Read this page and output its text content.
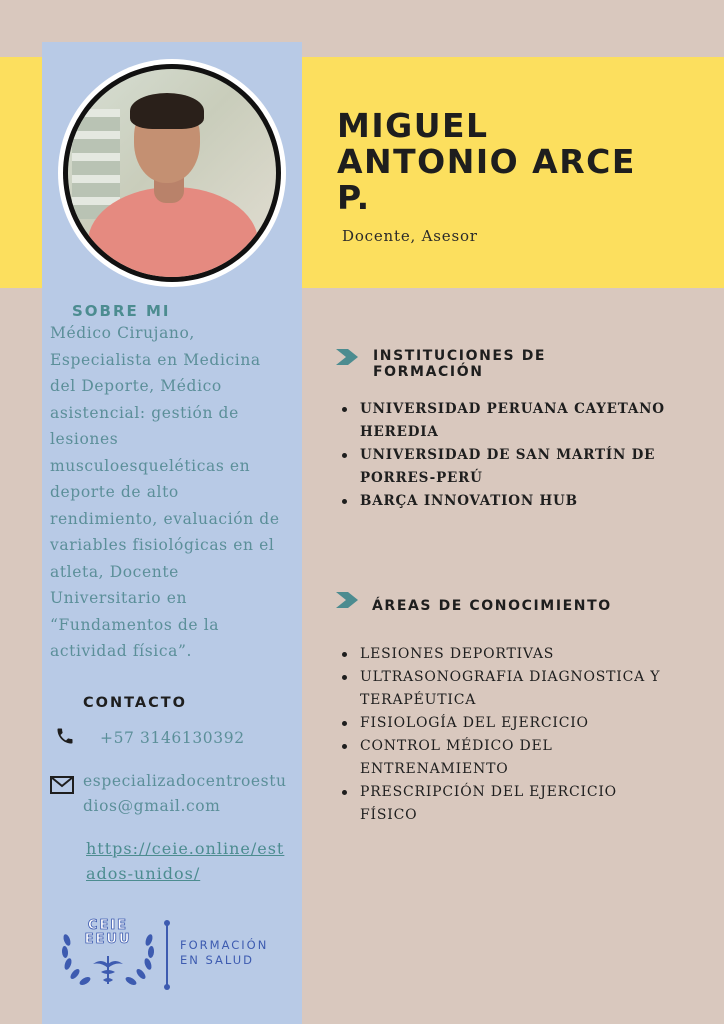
MIGUEL ANTONIO ARCE P.
Docente, Asesor
SOBRE MI

Médico Cirujano, Especialista en Medicina del Deporte, Médico asistencial: gestión de lesiones musculoesqueléticas en deporte de alto rendimiento, evaluación de variables fisiológicas en el atleta, Docente Universitario en “Fundamentos de la actividad física”.

CONTACTO
+57 3146130392
especializadocentroestudios@gmail.com
https://ceie.online/estados-unidos/
CEIE EEUU	FORMACIÓN EN SALUD
INSTITUCIONES DE FORMACIÓN
UNIVERSIDAD PERUANA CAYETANO HEREDIA
UNIVERSIDAD DE SAN MARTÍN DE PORRES-PERÚ
BARÇA INNOVATION HUB
ÁREAS DE CONOCIMIENTO
LESIONES DEPORTIVAS
ULTRASONOGRAFIA DIAGNOSTICA Y TERAPÉUTICA
FISIOLOGÍA DEL EJERCICIO
CONTROL MÉDICO DEL ENTRENAMIENTO
PRESCRIPCIÓN DEL EJERCICIO FÍSICO
